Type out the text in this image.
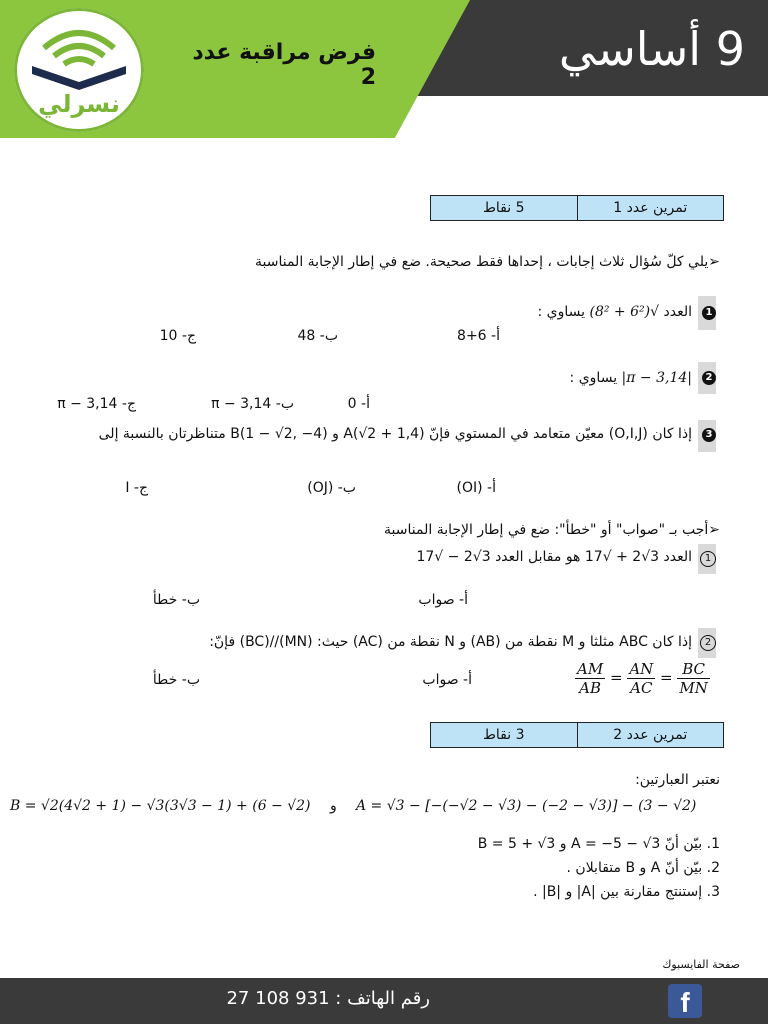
نسرلي
فرض مراقبة عدد 2
9 أساسي
تمرين عدد 1
5 نقاط
➢يلي كلّ سُؤال ثلاث إجابات ، إحداها فقط صحيحة. ضع في إطار الإجابة المناسبة
1
العدد √(6² + 8²) يساوي :
أ- 6+8
ب- 48
ج- 10
2
|3,14 − π| يساوي :
أ- 0
ب- 3,14 − π
ج- π − 3,14
3
إذا كان (O,I,J) معيّن متعامد في المستوي فإنّ A(√2 + 1,4) و B(1 − √2, −4) متناظرتان بالنسبة إلى
أ- (OI)
ب- (OJ)
ج- I
➢أجب بـ "صواب" أو "خطأ": ضع في إطار الإجابة المناسبة
1
العدد 3√2 + √17 هو مقابل العدد 3√2 − √17
أ- صواب
ب- خطأ
2
إذا كان ABC مثلثا و M نقطة من (AB) و N نقطة من (AC) حيث: (MN)//(BC) فإنّ:
$\frac{AM}{AB} = \frac{AN}{AC} = \frac{BC}{MN}$
أ- صواب
ب- خطأ
تمرين عدد 2
3 نقاط
نعتبر العبارتين:
B = √2(4√2 + 1) − √3(3√3 − 1) + (6 − √2) و A = √3 − [−(−√2 − √3) − (−2 − √3)] − (3 − √2)
1. بيّن أنّ A = −5 − √3 و B = 5 + √3
2. بيّن أنّ A و B متقابلان .
3. إستنتج مقارنة بين |A| و |B| .
صفحة الفايسبوك
رقم الهاتف : 931 108 27	f
